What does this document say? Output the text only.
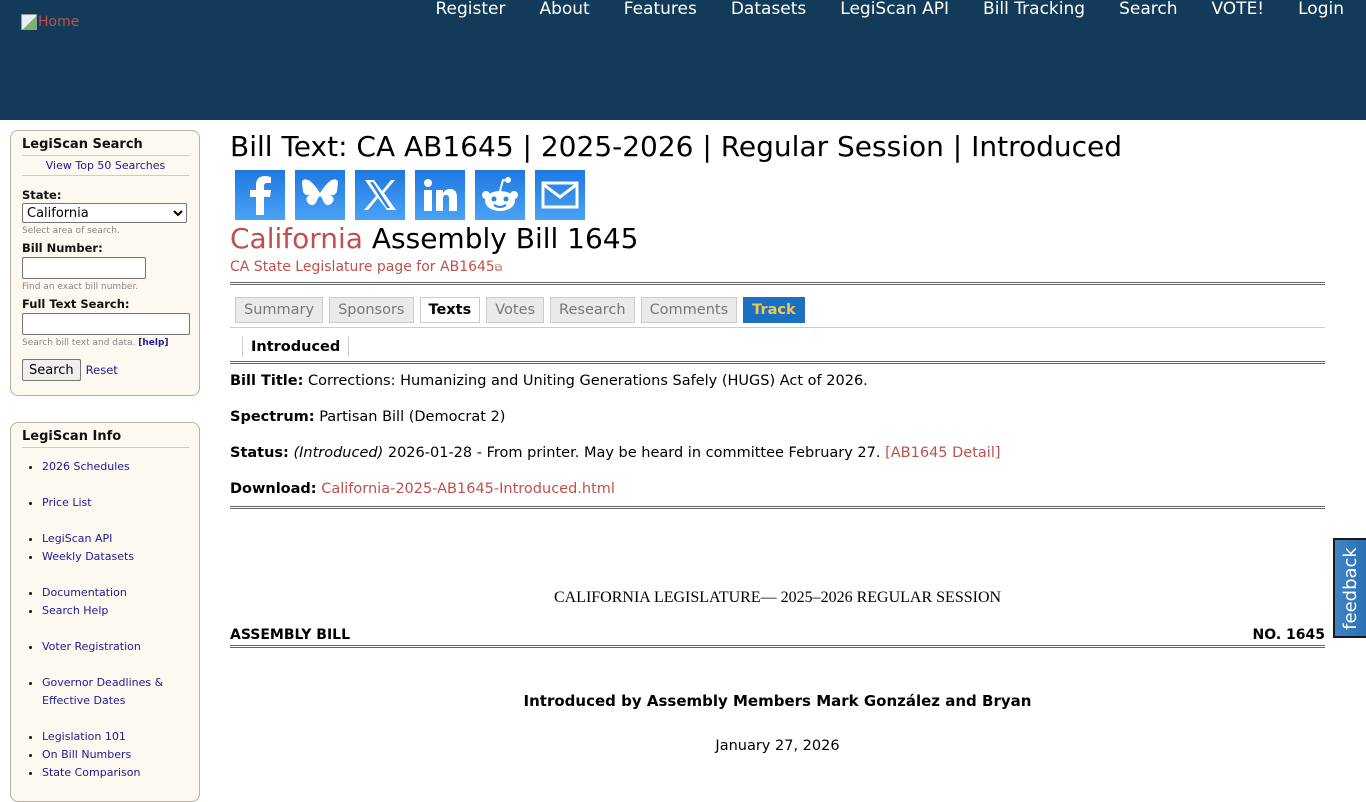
Home
Register	About	Features	Datasets	LegiScan API	Bill Tracking	Search	VOTE!	Login
LegiScan Search
View Top 50 Searches
State:
California
Select area of search.
Bill Number:
Find an exact bill number.
Full Text Search:
Search bill text and data. [help]
Search	Reset
LegiScan Info
• 2026 Schedules
• Price List
• LegiScan API
• Weekly Datasets
• Documentation
• Search Help
• Voter Registration
• Governor Deadlines & Effective Dates
• Legislation 101
• On Bill Numbers
• State Comparison
Bill Text: CA AB1645 | 2025-2026 | Regular Session | Introduced
California Assembly Bill 1645
CA State Legislature page for AB1645⧉
Summary	Sponsors	Texts	Votes	Research	Comments	Track
Introduced
Bill Title: Corrections: Humanizing and Uniting Generations Safely (HUGS) Act of 2026.
Spectrum: Partisan Bill (Democrat 2)
Status: (Introduced) 2026-01-28 - From printer. May be heard in committee February 27. [AB1645 Detail]
Download: California-2025-AB1645-Introduced.html
CALIFORNIA LEGISLATURE— 2025–2026 REGULAR SESSION
ASSEMBLY BILL	NO. 1645
Introduced by Assembly Members Mark González and Bryan
January 27, 2026
feedback
